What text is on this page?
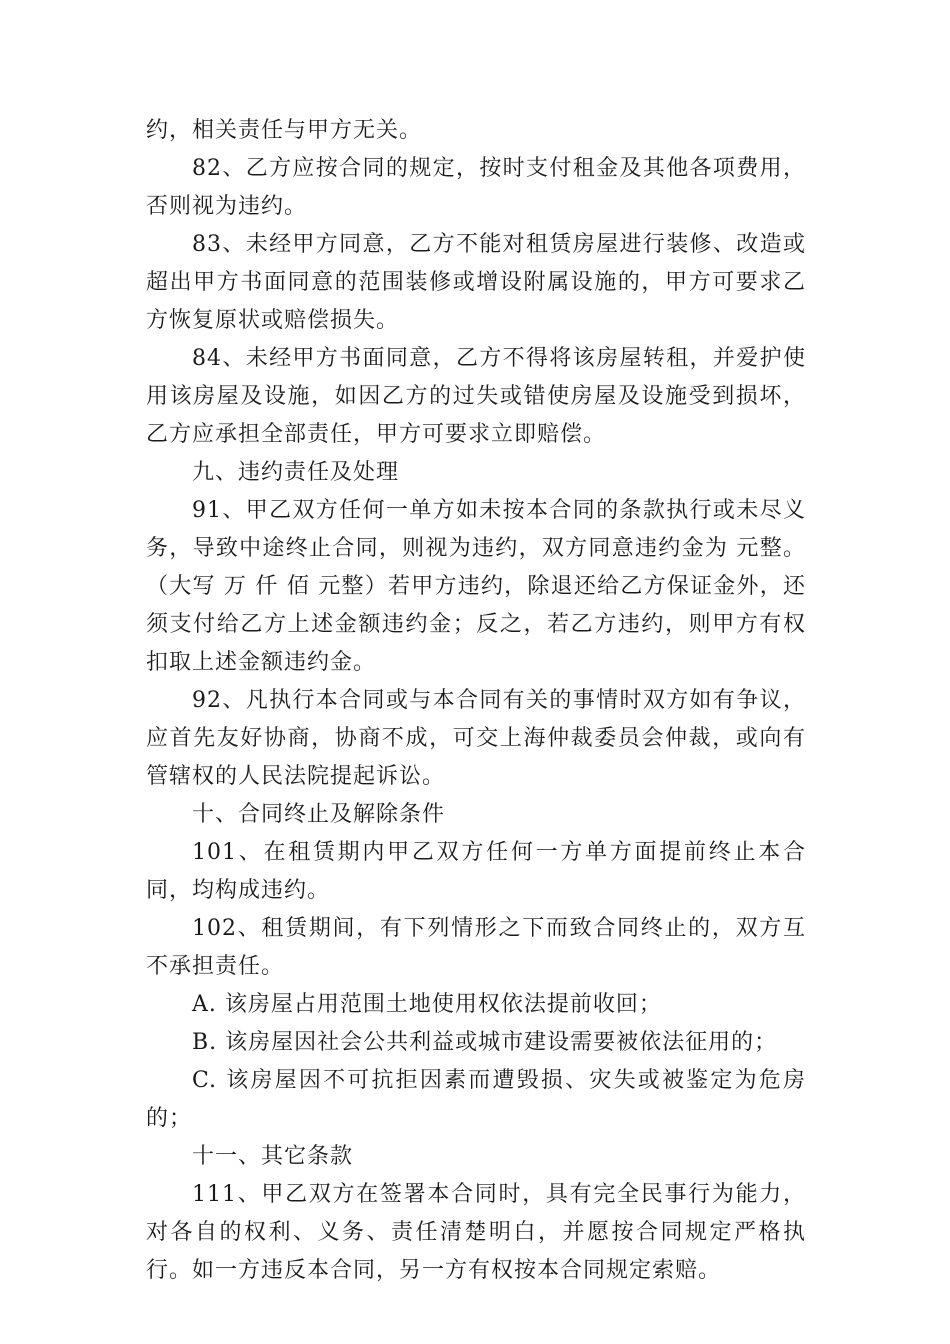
约，相关责任与甲方无关。

82、乙方应按合同的规定，按时支付租金及其他各项费用，否则视为违约。

83、未经甲方同意，乙方不能对租赁房屋进行装修、改造或超出甲方书面同意的范围装修或增设附属设施的，甲方可要求乙方恢复原状或赔偿损失。

84、未经甲方书面同意，乙方不得将该房屋转租，并爱护使用该房屋及设施，如因乙方的过失或错使房屋及设施受到损坏，乙方应承担全部责任，甲方可要求立即赔偿。

九、违约责任及处理

91、甲乙双方任何一单方如未按本合同的条款执行或未尽义务，导致中途终止合同，则视为违约，双方同意违约金为 元整。（大写 万 仟 佰 元整）若甲方违约，除退还给乙方保证金外，还须支付给乙方上述金额违约金；反之，若乙方违约，则甲方有权扣取上述金额违约金。

92、凡执行本合同或与本合同有关的事情时双方如有争议，应首先友好协商，协商不成，可交上海仲裁委员会仲裁，或向有管辖权的人民法院提起诉讼。

十、合同终止及解除条件

101、在租赁期内甲乙双方任何一方单方面提前终止本合同，均构成违约。

102、租赁期间，有下列情形之下而致合同终止的，双方互不承担责任。

A. 该房屋占用范围土地使用权依法提前收回；

B. 该房屋因社会公共利益或城市建设需要被依法征用的；

C. 该房屋因不可抗拒因素而遭毁损、灾失或被鉴定为危房的；

十一、其它条款

111、甲乙双方在签署本合同时，具有完全民事行为能力，对各自的权利、义务、责任清楚明白，并愿按合同规定严格执行。如一方违反本合同，另一方有权按本合同规定索赔。
